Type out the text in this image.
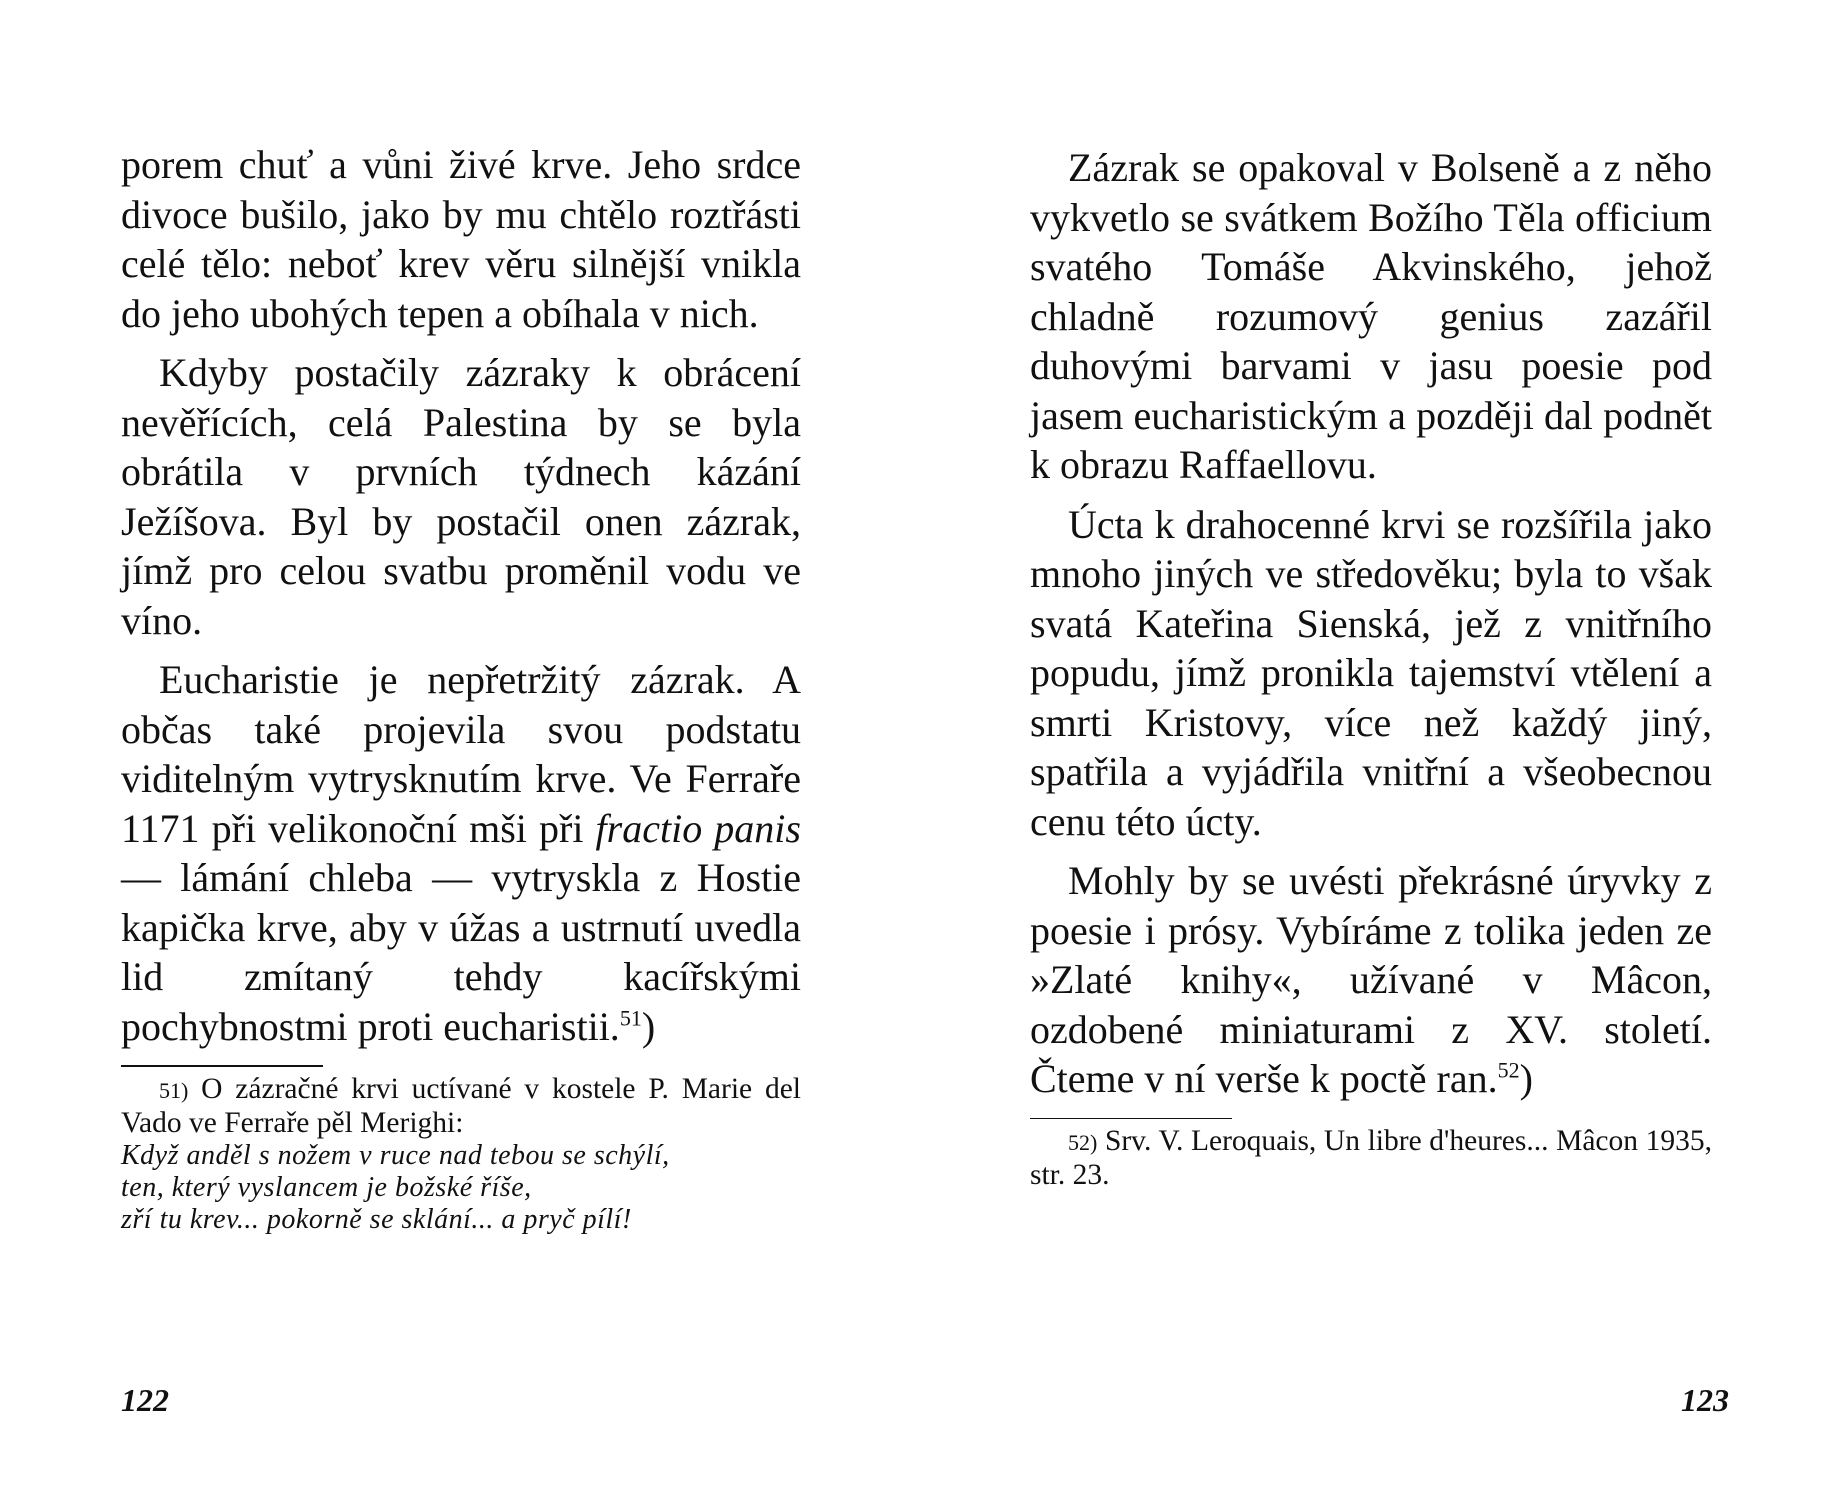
porem chuť a vůni živé krve. Jeho srdce divoce bušilo, jako by mu chtělo roztřásti celé tělo: neboť krev věru silnější vnikla do jeho ubohých tepen a obíhala v nich.

Kdyby postačily zázraky k obrácení nevěřících, celá Palestina by se byla obrátila v prvních týdnech kázání Ježíšova. Byl by postačil onen zázrak, jímž pro celou svatbu proměnil vodu ve víno.

Eucharistie je nepřetržitý zázrak. A občas také projevila svou podstatu viditelným vytrysknutím krve. Ve Ferraře 1171 při velikonoční mši při fractio panis — lámání chleba — vytryskla z Hostie kapička krve, aby v úžas a ustrnutí uvedla lid zmítaný tehdy kacířskými pochybnostmi proti eucharistii.$^{51}$)

51) O zázračné krvi uctívané v kostele P. Marie del Vado ve Ferraře pěl Merighi:

Když anděl s nožem v ruce nad tebou se schýlí,

ten, který vyslancem je božské říše,

zří tu krev... pokorně se sklání... a pryč pílí!

122

Zázrak se opakoval v Bolseně a z něho vykvetlo se svátkem Božího Těla officium svatého Tomáše Akvinského, jehož chladně rozumový genius zazářil duhovými barvami v jasu poesie pod jasem eucharistickým a později dal podnět k obrazu Raffaellovu.

Úcta k drahocenné krvi se rozšířila jako mnoho jiných ve středověku; byla to však svatá Kateřina Sienská, jež z vnitřního popudu, jímž pronikla tajemství vtělení a smrti Kristovy, více než každý jiný, spatřila a vyjádřila vnitřní a všeobecnou cenu této úcty.

Mohly by se uvésti překrásné úryvky z poesie i prósy. Vybíráme z tolika jeden ze »Zlaté knihy«, užívané v Mâcon, ozdobené miniaturami z XV. století. Čteme v ní verše k poctě ran.$^{52}$)

52) Srv. V. Leroquais, Un libre d'heures... Mâcon 1935, str. 23.

123
